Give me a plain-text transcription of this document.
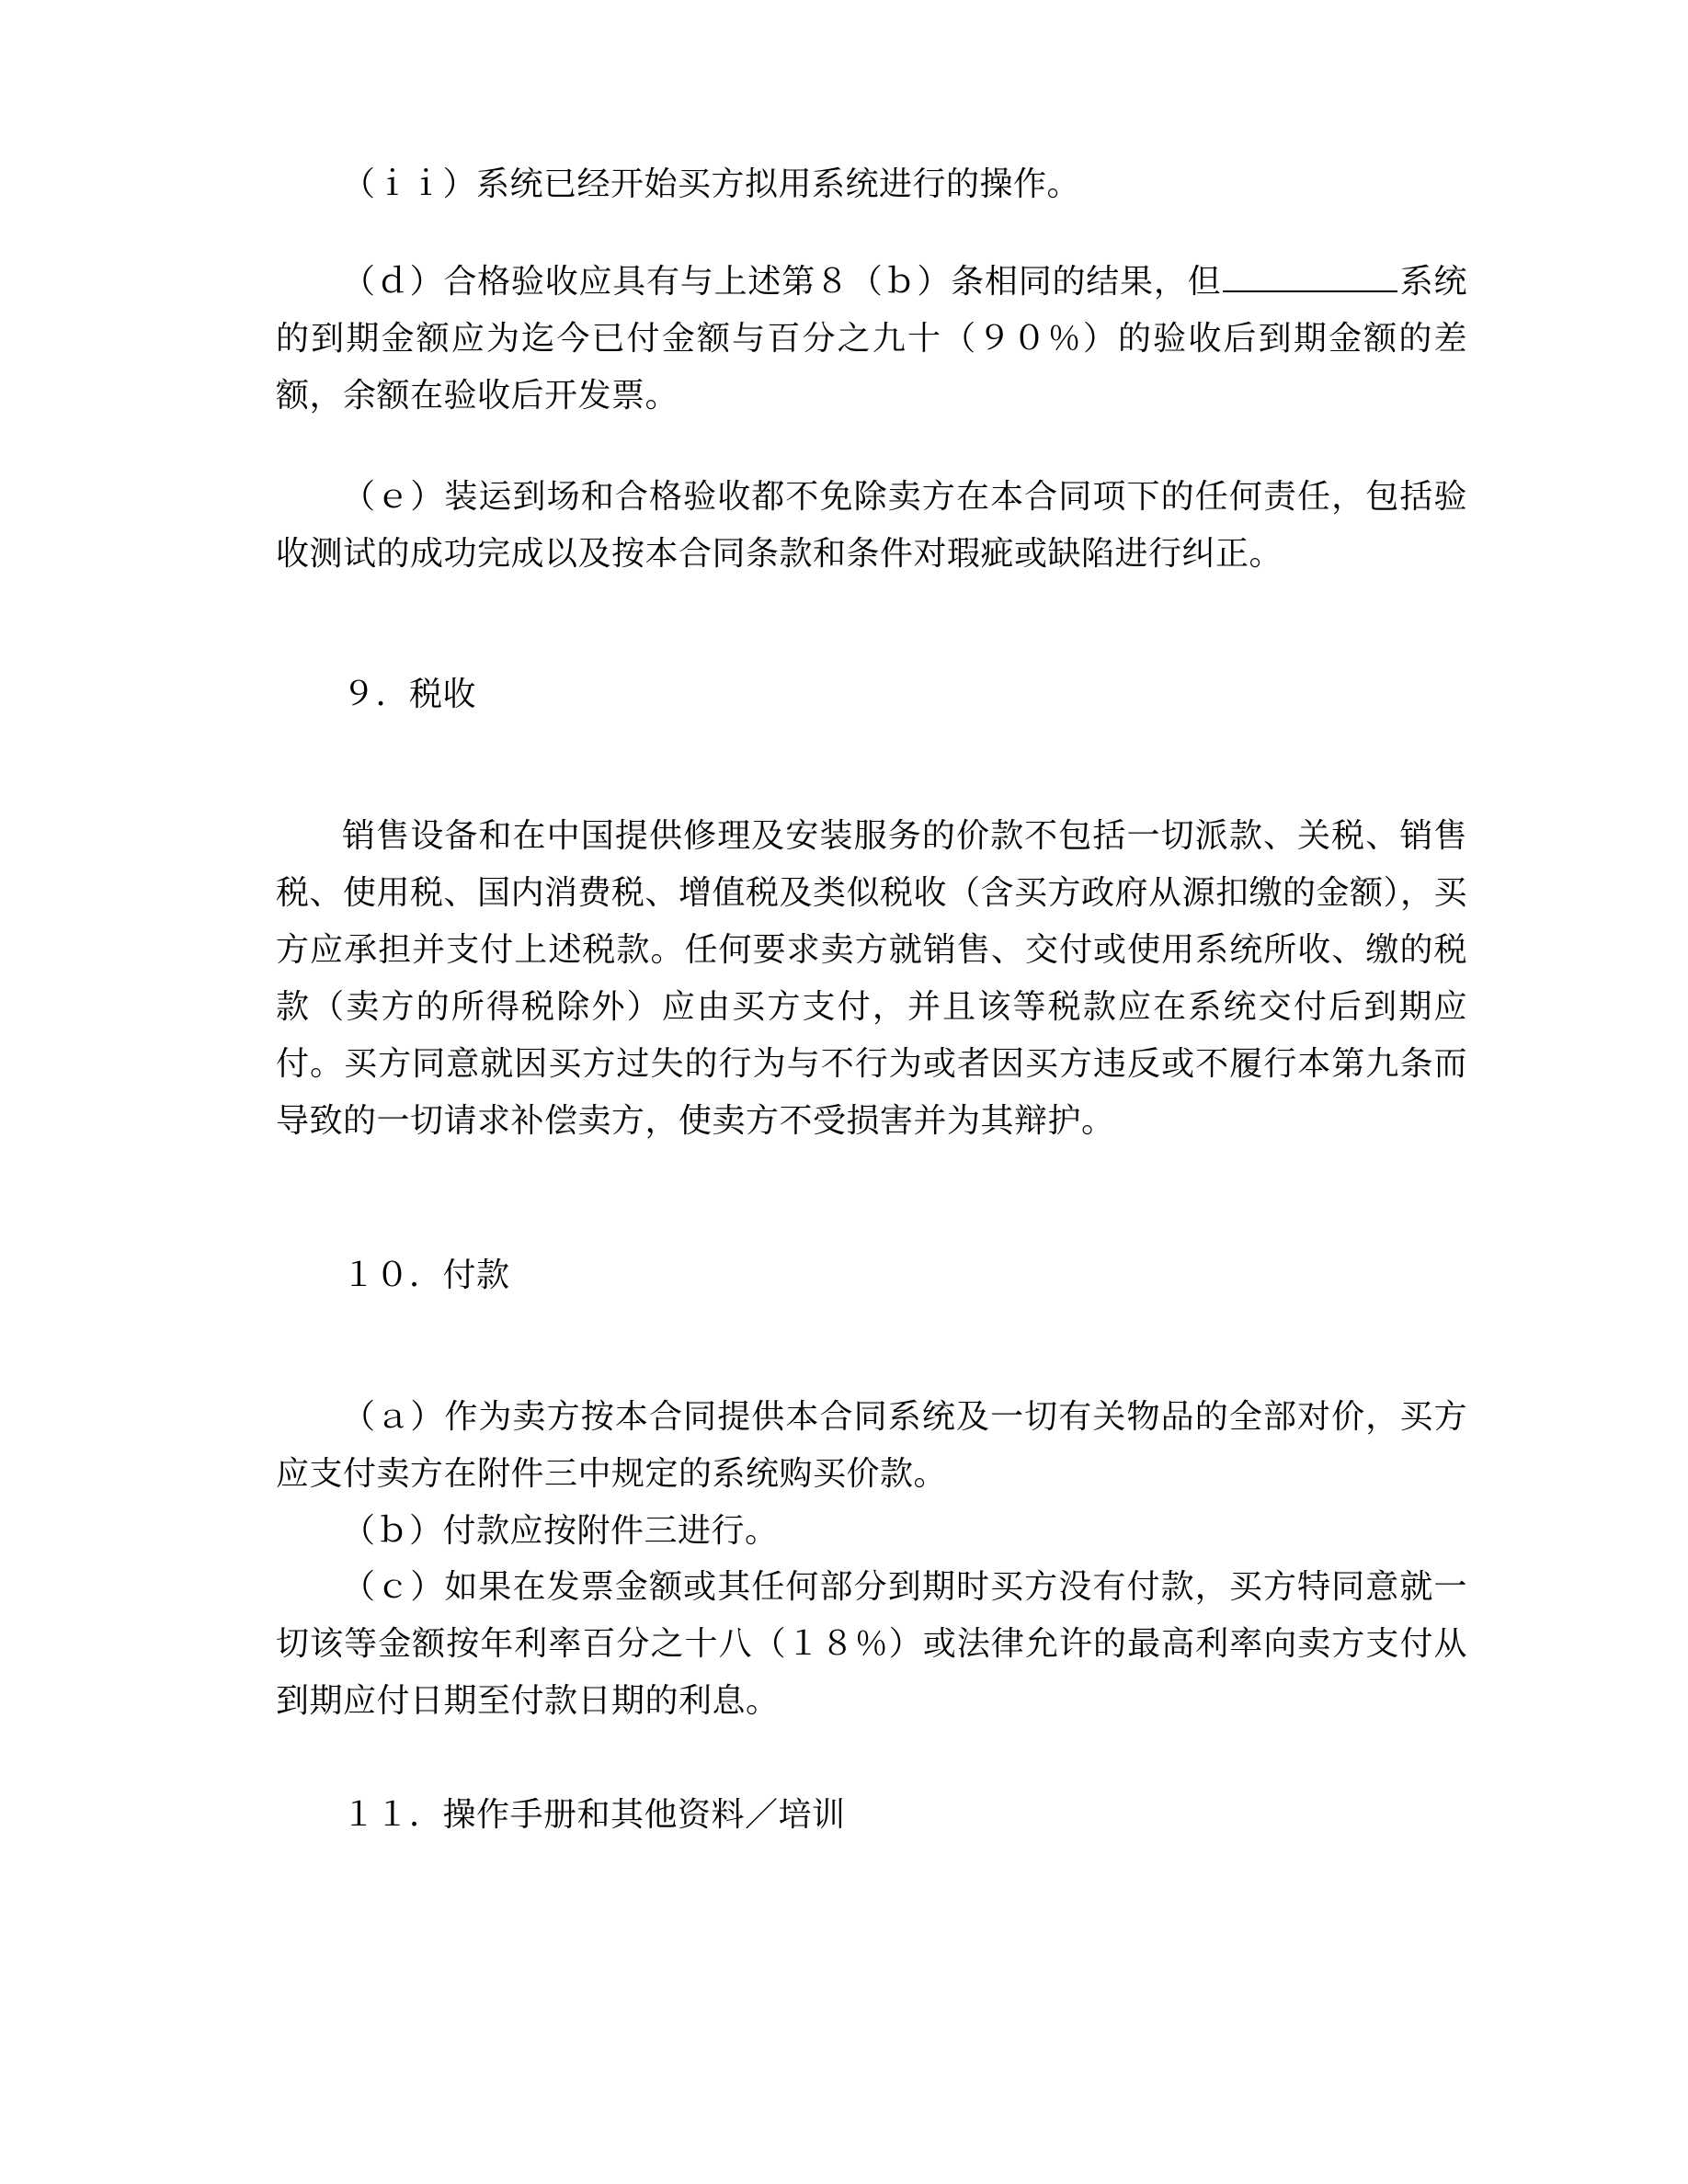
（ｉｉ）系统已经开始买方拟用系统进行的操作。

（ｄ）合格验收应具有与上述第８（ｂ）条相同的结果，但	系统的到期金额应为迄今已付金额与百分之九十（９０％）的验收后到期金额的差额，余额在验收后开发票。

（ｅ）装运到场和合格验收都不免除卖方在本合同项下的任何责任，包括验收测试的成功完成以及按本合同条款和条件对瑕疵或缺陷进行纠正。

９．税收

销售设备和在中国提供修理及安装服务的价款不包括一切派款、关税、销售税、使用税、国内消费税、增值税及类似税收（含买方政府从源扣缴的金额），买方应承担并支付上述税款。任何要求卖方就销售、交付或使用系统所收、缴的税款（卖方的所得税除外）应由买方支付，并且该等税款应在系统交付后到期应付。买方同意就因买方过失的行为与不行为或者因买方违反或不履行本第九条而导致的一切请求补偿卖方，使卖方不受损害并为其辩护。

１０．付款

（ａ）作为卖方按本合同提供本合同系统及一切有关物品的全部对价，买方应支付卖方在附件三中规定的系统购买价款。

（ｂ）付款应按附件三进行。

（ｃ）如果在发票金额或其任何部分到期时买方没有付款，买方特同意就一切该等金额按年利率百分之十八（１８％）或法律允许的最高利率向卖方支付从到期应付日期至付款日期的利息。

１１．操作手册和其他资料／培训
